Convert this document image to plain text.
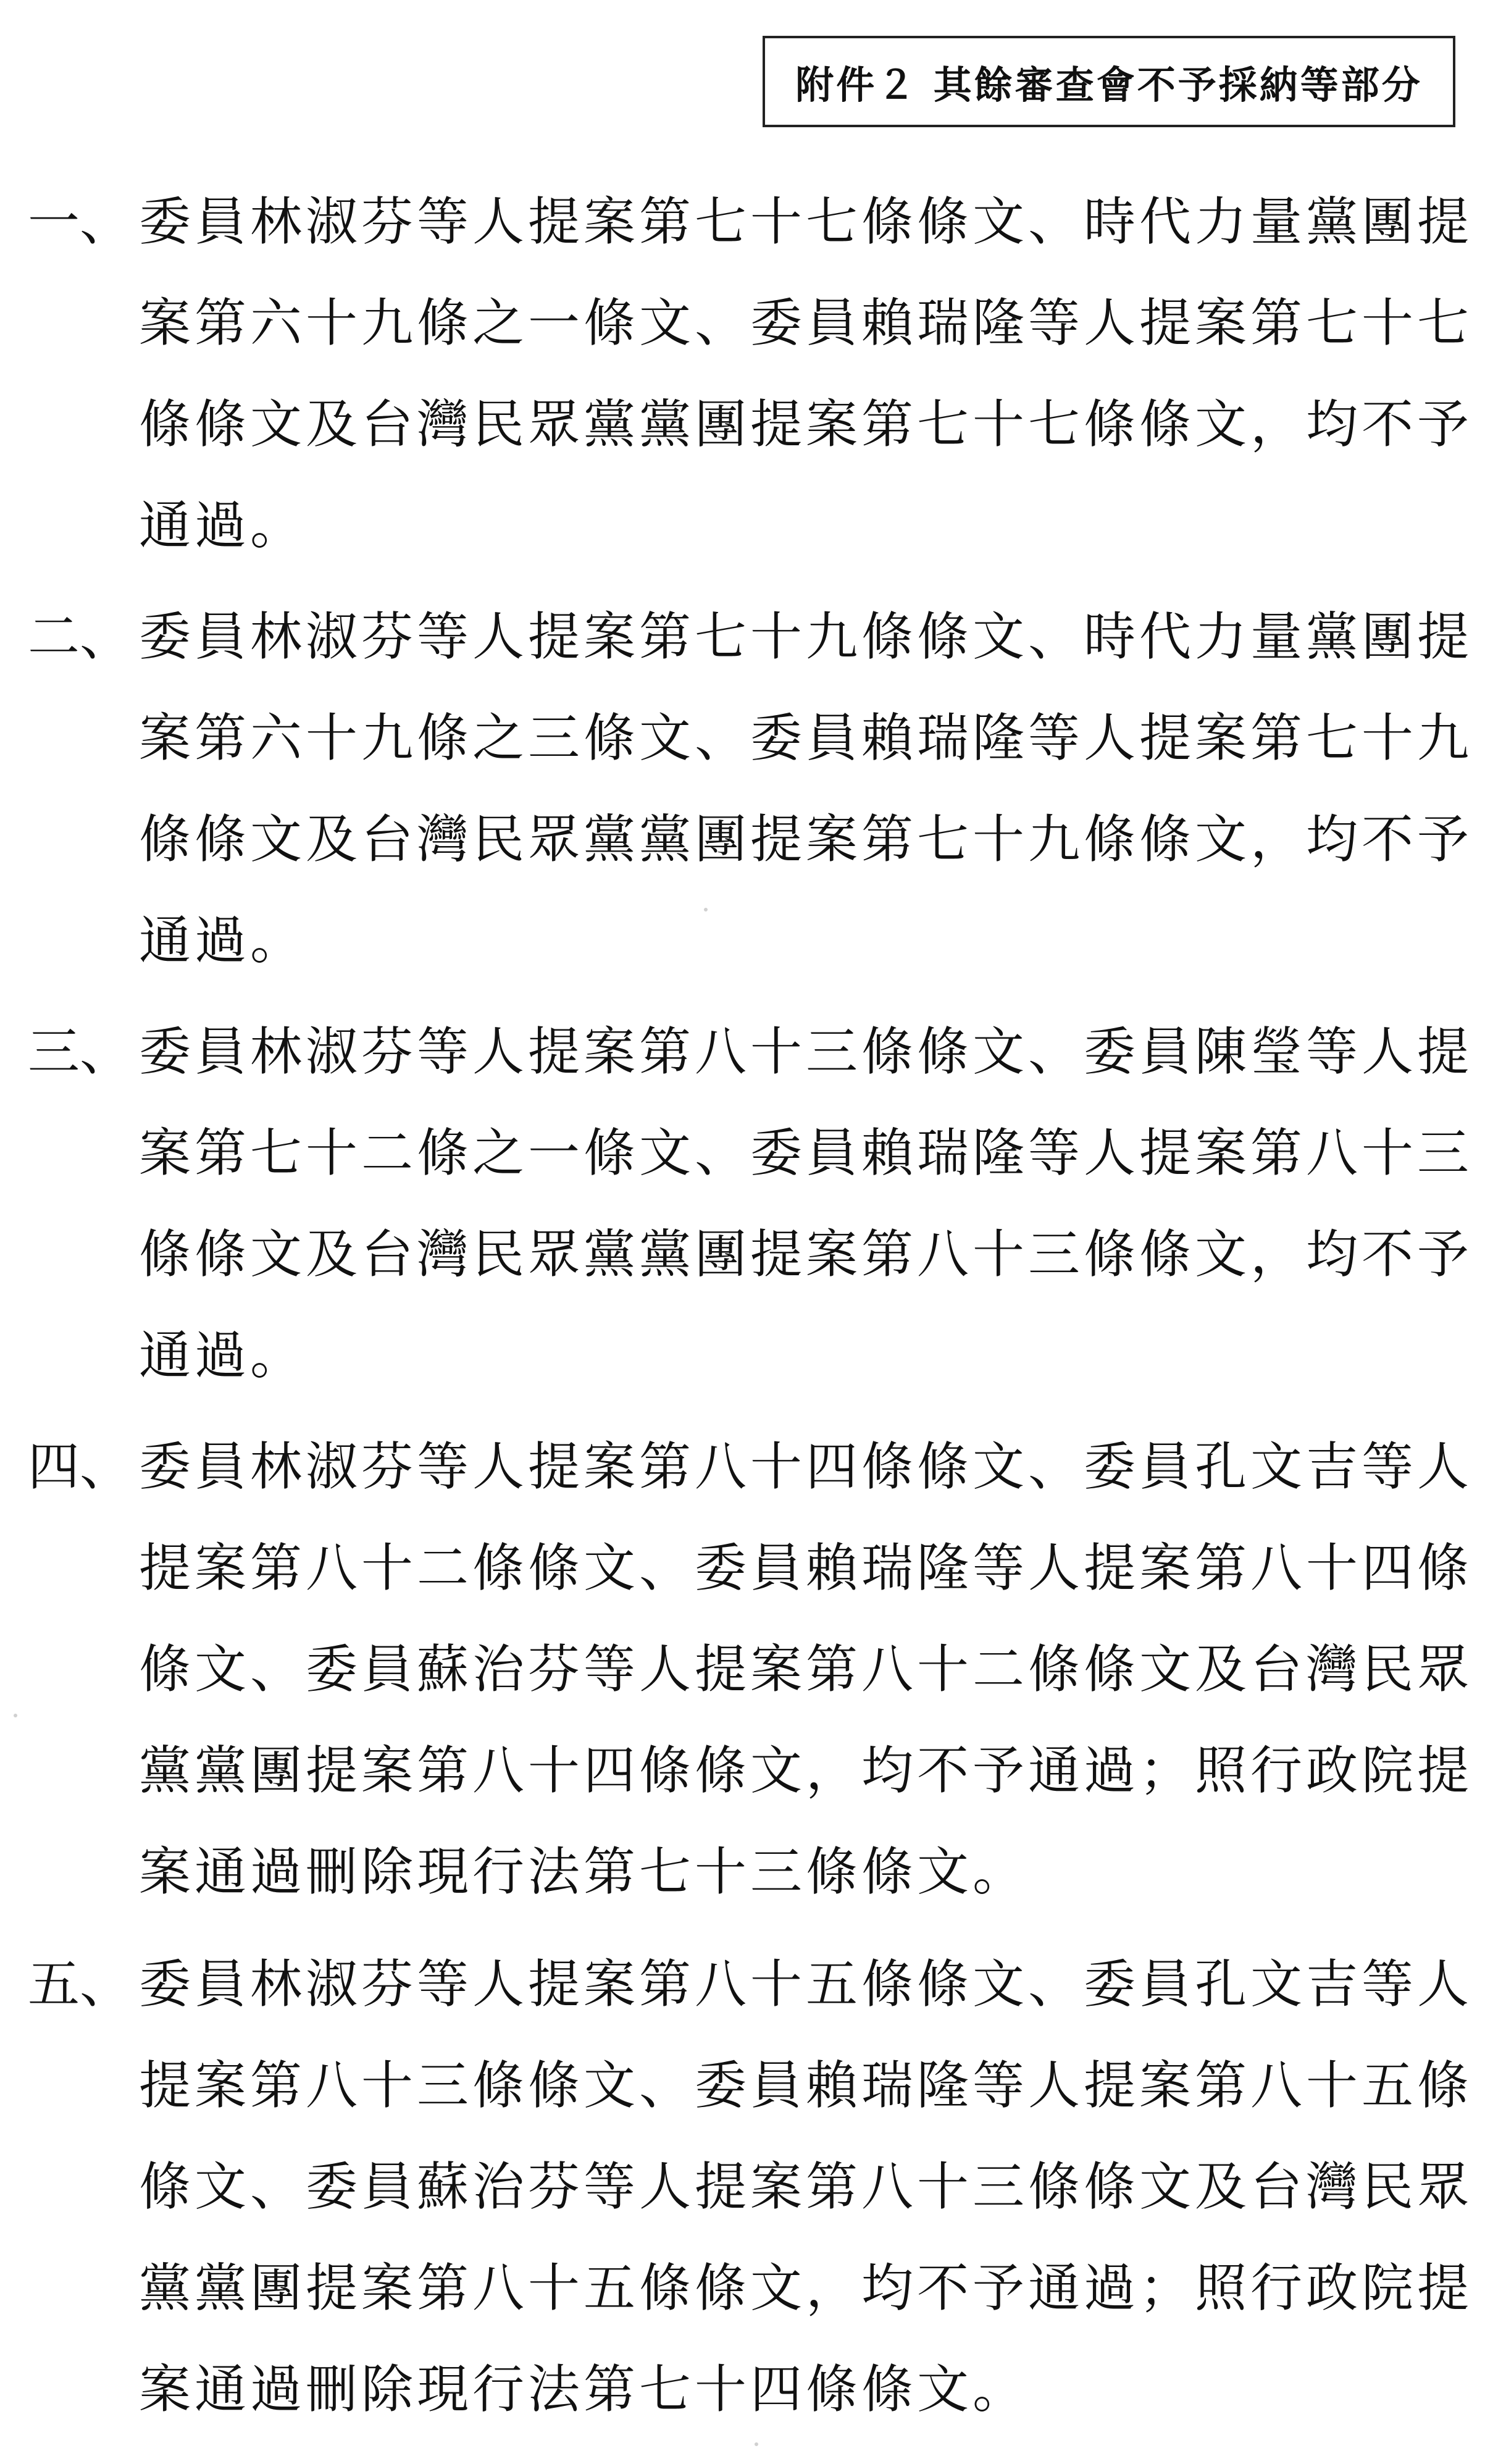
附件２ 其餘審查會不予採納等部分
一、 委員林淑芬等人提案第七十七條條文、時代力量黨團提
案第六十九條之一條文、委員賴瑞隆等人提案第七十七
條條文及台灣民眾黨黨團提案第七十七條條文，均不予
通過。
二、 委員林淑芬等人提案第七十九條條文、時代力量黨團提
案第六十九條之三條文、委員賴瑞隆等人提案第七十九
條條文及台灣民眾黨黨團提案第七十九條條文，均不予
通過。
三、 委員林淑芬等人提案第八十三條條文、委員陳瑩等人提
案第七十二條之一條文、委員賴瑞隆等人提案第八十三
條條文及台灣民眾黨黨團提案第八十三條條文，均不予
通過。
四、 委員林淑芬等人提案第八十四條條文、委員孔文吉等人
提案第八十二條條文、委員賴瑞隆等人提案第八十四條
條文、委員蘇治芬等人提案第八十二條條文及台灣民眾
黨黨團提案第八十四條條文，均不予通過；照行政院提
案通過刪除現行法第七十三條條文。
五、 委員林淑芬等人提案第八十五條條文、委員孔文吉等人
提案第八十三條條文、委員賴瑞隆等人提案第八十五條
條文、委員蘇治芬等人提案第八十三條條文及台灣民眾
黨黨團提案第八十五條條文，均不予通過；照行政院提
案通過刪除現行法第七十四條條文。
